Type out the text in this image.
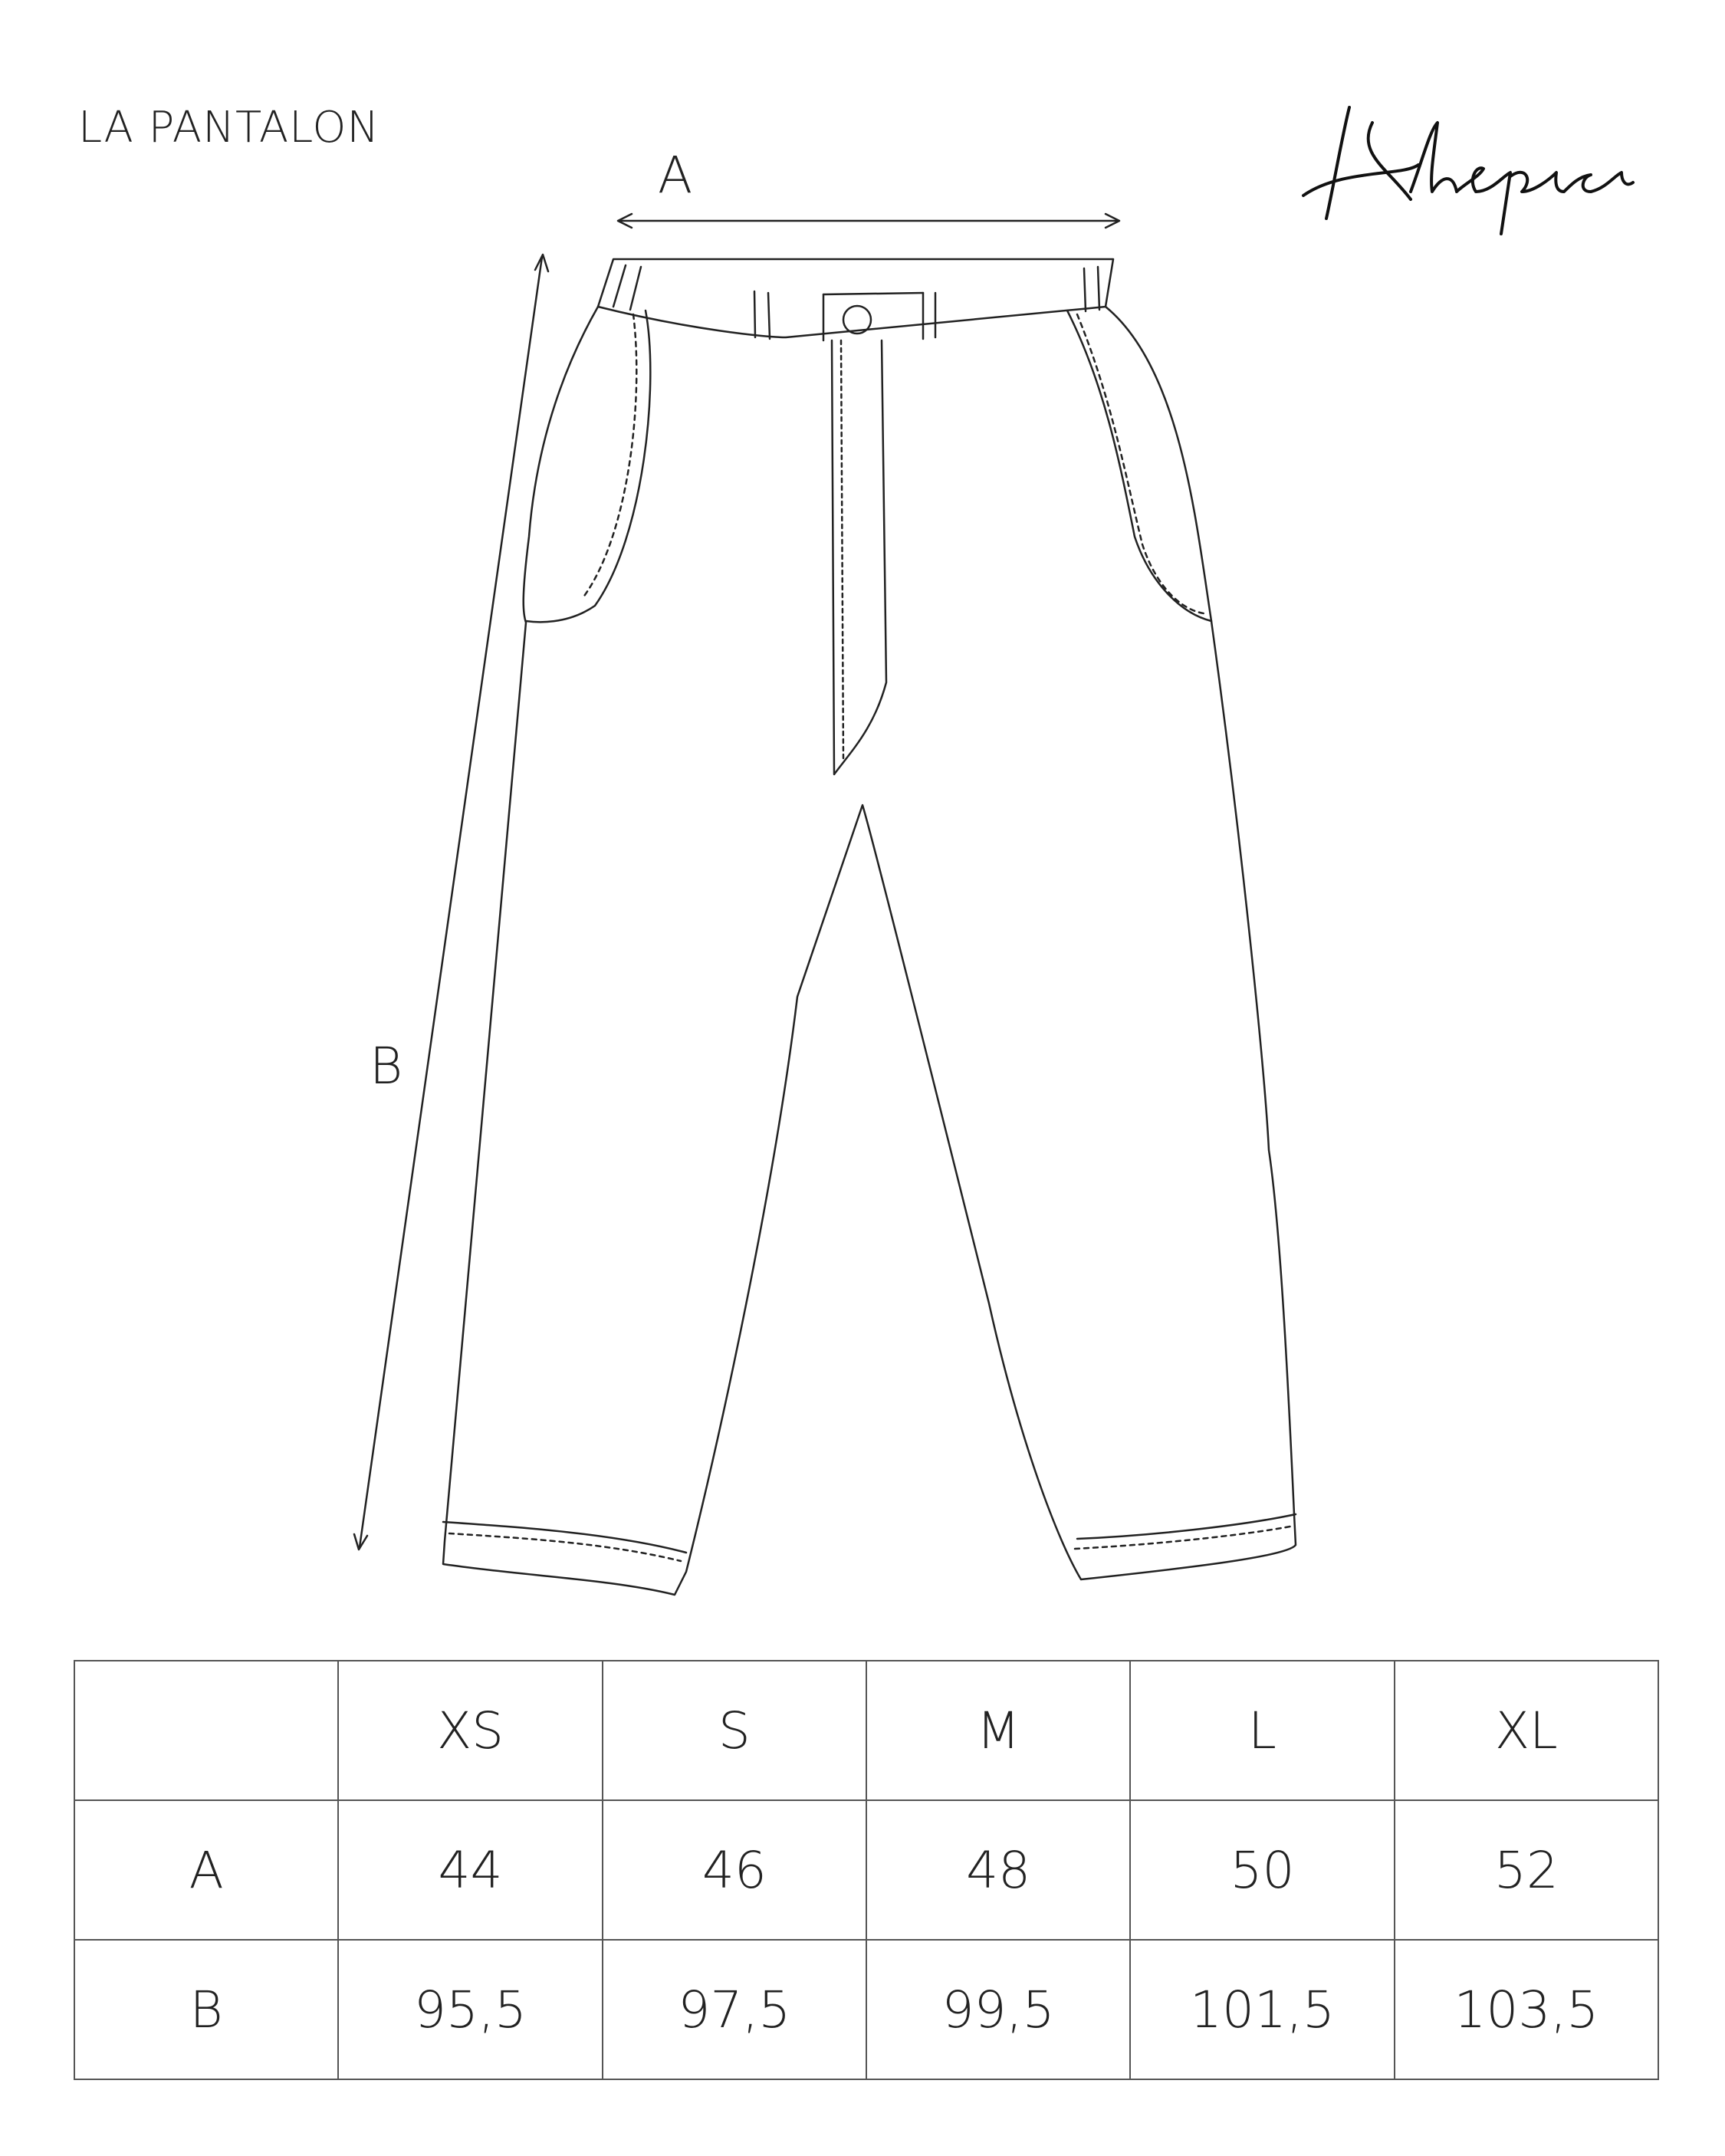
LA PANTALON
A
B
	XS	S	M	L	XL
A	44	46	48	50	52
B	95,5	97,5	99,5	101,5	103,5
